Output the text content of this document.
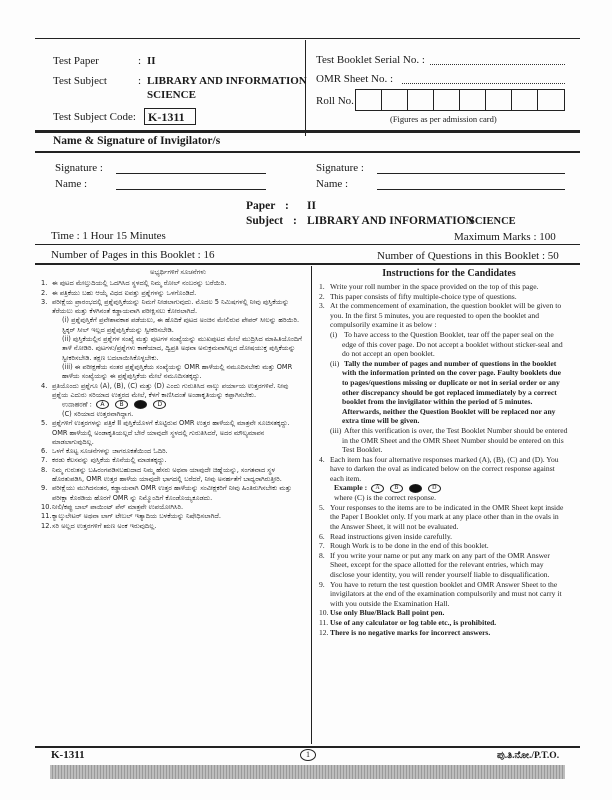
Test Paper	: II
Test Subject	: LIBRARY AND INFORMATION
SCIENCE
Test Subject Code: K-1311
Test Booklet Serial No. :
OMR Sheet No. :
Roll No.
(Figures as per admission card)
Name & Signature of Invigilator/s
Signature :
Name :
Signature :
Name :
Paper : II
Subject : LIBRARY AND INFORMATION
SCIENCE
Time : 1 Hour 15 Minutes	Maximum Marks : 100
Number of Pages in this Booklet : 16	Number of Questions in this Booklet : 50

ಅಭ್ಯರ್ಥಿಗಳಿಗೆ ಸೂಚನೆಗಳು

1. ಈ ಪುಟದ ಮೇಲ್ತುದಿಯಲ್ಲಿ ಒದಗಿಸಿದ ಸ್ಥಳದಲ್ಲಿ ನಿಮ್ಮ ರೋಲ್ ನಂಬರನ್ನು ಬರೆಯಿರಿ.

2. ಈ ಪತ್ರಿಕೆಯು ಬಹು ಆಯ್ಕೆ ವಿಧದ ಐವತ್ತು ಪ್ರಶ್ನೆಗಳನ್ನು ಒಳಗೊಂಡಿದೆ.

3. ಪರೀಕ್ಷೆಯ ಪ್ರಾರಂಭದಲ್ಲಿ ಪ್ರಶ್ನೆಪುಸ್ತಿಕೆಯನ್ನು ನಿಮಗೆ ನೀಡಲಾಗುವುದು. ಮೊದಲ 5 ನಿಮಿಷಗಳಲ್ಲಿ ನೀವು ಪುಸ್ತಿಕೆಯನ್ನು ತೆರೆಯಲು ಮತ್ತು ಕೆಳಗಿನಂತೆ ಕಡ್ಡಾಯವಾಗಿ ಪರೀಕ್ಷಿಸಲು ಕೋರಲಾಗಿದೆ.

(i) ಪ್ರಶ್ನೆಪುಸ್ತಿಕೆಗೆ ಪ್ರವೇಶಾವಕಾಶ ಪಡೆಯಲು, ಈ ಹೊದಿಕೆ ಪುಟದ ಅಂಚಿನ ಮೇಲಿರುವ ಪೇಪರ್ ಸೀಲನ್ನು ಹರಿಯಿರಿ. ಸ್ಟಿಕ್ಕರ್ ಸೀಲ್ ಇಲ್ಲದ ಪ್ರಶ್ನೆಪುಸ್ತಿಕೆಯನ್ನು ಸ್ವೀಕರಿಸಬೇಡಿ.

(ii) ಪುಸ್ತಿಕೆಯಲ್ಲಿನ ಪ್ರಶ್ನೆಗಳ ಸಂಖ್ಯೆ ಮತ್ತು ಪುಟಗಳ ಸಂಖ್ಯೆಯನ್ನು ಮುಖಪುಟದ ಮೇಲೆ ಮುದ್ರಿಸಿದ ಮಾಹಿತಿಯೊಂದಿಗೆ ತಾಳೆ ನೋಡಿರಿ. ಪುಟಗಳು/ಪ್ರಶ್ನೆಗಳು ಕಾಣೆಯಾದ, ದ್ವಿಪ್ರತಿ ಅಥವಾ ಅನುಕ್ರಮವಾಗಿಲ್ಲದ ದೋಷಯುಕ್ತ ಪುಸ್ತಿಕೆಯನ್ನು ಸ್ವೀಕರಿಸಬೇಡಿ. ತಕ್ಷಣ ಬದಲಾಯಿಸಿಕೊಳ್ಳಬೇಕು.

(iii) ಈ ಪರೀಕ್ಷಣೆಯ ನಂತರ ಪ್ರಶ್ನೆಪುಸ್ತಿಕೆಯ ಸಂಖ್ಯೆಯನ್ನು OMR ಹಾಳೆಯಲ್ಲಿ ನಮೂದಿಸಬೇಕು ಮತ್ತು OMR ಹಾಳೆಯ ಸಂಖ್ಯೆಯನ್ನು ಈ ಪ್ರಶ್ನೆಪುಸ್ತಿಕೆಯ ಮೇಲೆ ನಮೂದಿಸತಕ್ಕದ್ದು.

4. ಪ್ರತಿಯೊಂದು ಪ್ರಶ್ನೆಗೂ (A), (B), (C) ಮತ್ತು (D) ಎಂದು ಗುರುತಿಸಿದ ನಾಲ್ಕು ಪರ್ಯಾಯ ಉತ್ತರಗಳಿವೆ. ನೀವು ಪ್ರಶ್ನೆಯ ಎದುರು ಸರಿಯಾದ ಉತ್ತರದ ಮೇಲೆ, ಕೆಳಗೆ ಕಾಣಿಸಿದಂತೆ ಅಂಡಾಕೃತಿಯನ್ನು ಕಪ್ಪಾಗಿಸಬೇಕು.

ಉದಾಹರಣೆ : A	B	D

(C) ಸರಿಯಾದ ಉತ್ತರವಾಗಿದ್ದಾಗ.

5. ಪ್ರಶ್ನೆಗಳಿಗೆ ಉತ್ತರಗಳನ್ನು ಪತ್ರಿಕೆ II ಪುಸ್ತಿಕೆಯೊಳಗೆ ಕೊಟ್ಟಿರುವ OMR ಉತ್ತರ ಹಾಳೆಯಲ್ಲಿ ಮಾತ್ರವೇ ಸೂಚಿಸತಕ್ಕದ್ದು. OMR ಹಾಳೆಯಲ್ಲಿ ಅಂಡಾಕೃತಿಯಲ್ಲದೆ ಬೇರೆ ಯಾವುದೇ ಸ್ಥಳದಲ್ಲಿ ಗುರುತಿಸಿದರೆ, ಅದರ ಮೌಲ್ಯಮಾಪನ ಮಾಡಲಾಗುವುದಿಲ್ಲ.

6. ಒಳಗೆ ಕೊಟ್ಟ ಸೂಚನೆಗಳನ್ನು ಜಾಗರೂಕತೆಯಿಂದ ಓದಿರಿ.

7. ಕರಡು ಕೆಲಸವನ್ನು ಪುಸ್ತಿಕೆಯ ಕೊನೆಯಲ್ಲಿ ಮಾಡತಕ್ಕದ್ದು.

8. ನಿಮ್ಮ ಗುರುತನ್ನು ಬಹಿರಂಗಪಡಿಸಬಹುದಾದ ನಿಮ್ಮ ಹೆಸರು ಅಥವಾ ಯಾವುದೇ ಚಿಹ್ನೆಯನ್ನು, ಸಂಗತವಾದ ಸ್ಥಳ ಹೊರತುಪಡಿಸಿ, OMR ಉತ್ತರ ಹಾಳೆಯ ಯಾವುದೇ ಭಾಗದಲ್ಲಿ ಬರೆದರೆ, ನೀವು ಅನರ್ಹತೆಗೆ ಬಾಧ್ಯರಾಗಿರುತ್ತೀರಿ.

9. ಪರೀಕ್ಷೆಯು ಮುಗಿದನಂತರ, ಕಡ್ಡಾಯವಾಗಿ OMR ಉತ್ತರ ಹಾಳೆಯನ್ನು ಸಂವೀಕ್ಷಕರಿಗೆ ನೀವು ಹಿಂತಿರುಗಿಸಬೇಕು ಮತ್ತು ಪರೀಕ್ಷಾ ಕೊಠಡಿಯ ಹೊರಗೆ OMR ನ್ನು ನಿಮ್ಮೊಂದಿಗೆ ಕೊಂಡೊಯ್ಯಕೂಡದು.

10. ನೀಲಿ/ಕಪ್ಪು ಬಾಲ್ ಪಾಯಿಂಟ್ ಪೆನ್ ಮಾತ್ರವೇ ಉಪಯೋಗಿಸಿರಿ.

11. ಕ್ಯಾಲ್ಕುಲೇಟರ್ ಅಥವಾ ಲಾಗ್ ಟೇಬಲ್ ಇತ್ಯಾದಿಯ ಬಳಕೆಯನ್ನು ನಿಷೇಧಿಸಲಾಗಿದೆ.

12. ಸರಿ ಅಲ್ಲದ ಉತ್ತರಗಳಿಗೆ ಋಣ ಅಂಕ ಇರುವುದಿಲ್ಲ.

Instructions for the Candidates

1. Write your roll number in the space provided on the top of this page.

2. This paper consists of fifty multiple-choice type of questions.

3. At the commencement of examination, the question booklet will be given to you. In the first 5 minutes, you are requested to open the booklet and compulsorily examine it as below :

(i) To have access to the Question Booklet, tear off the paper seal on the edge of this cover page. Do not accept a booklet without sticker-seal and do not accept an open booklet.

(ii) Tally the number of pages and number of questions in the booklet with the information printed on the cover page. Faulty booklets due to pages/questions missing or duplicate or not in serial order or any other discrepancy should be got replaced immediately by a correct booklet from the invigilator within the period of 5 minutes. Afterwards, neither the Question Booklet will be replaced nor any extra time will be given.

(iii) After this verification is over, the Test Booklet Number should be entered in the OMR Sheet and the OMR Sheet Number should be entered on this Test Booklet.

4. Each item has four alternative responses marked (A), (B), (C) and (D). You have to darken the oval as indicated below on the correct response against each item.

Example : A B	D

where (C) is the correct response.

5. Your responses to the items are to be indicated in the OMR Sheet kept inside the Paper I Booklet only. If you mark at any place other than in the ovals in the Answer Sheet, it will not be evaluated.

6. Read instructions given inside carefully.

7. Rough Work is to be done in the end of this booklet.

8. If you write your name or put any mark on any part of the OMR Answer Sheet, except for the space allotted for the relevant entries, which may disclose your identity, you will render yourself liable to disqualification.

9. You have to return the test question booklet and OMR Answer Sheet to the invigilators at the end of the examination compulsorily and must not carry it with you outside the Examination Hall.

10. Use only Blue/Black Ball point pen.

11. Use of any calculator or log table etc., is prohibited.

12. There is no negative marks for incorrect answers.

K-1311	1	ಪು.ತಿ.ನೋ./P.T.O.
